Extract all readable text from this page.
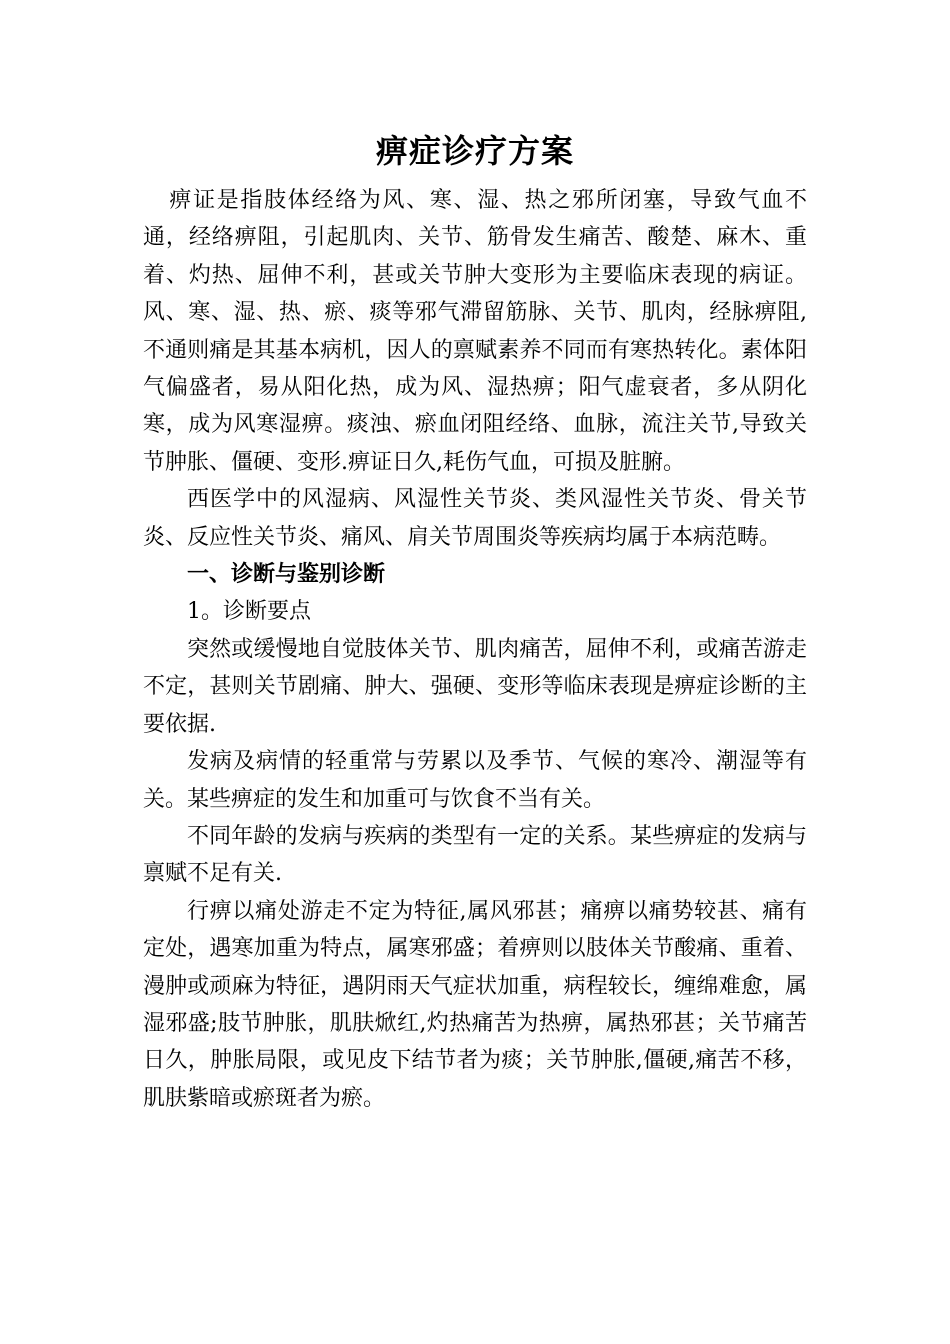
痹症诊疗方案

痹证是指肢体经络为风、寒、湿、热之邪所闭塞，导致气血不通，经络痹阻，引起肌肉、关节、筋骨发生痛苦、酸楚、麻木、重着、灼热、屈伸不利，甚或关节肿大变形为主要临床表现的病证。风、寒、湿、热、瘀、痰等邪气滞留筋脉、关节、肌肉，经脉痹阻,不通则痛是其基本病机，因人的禀赋素养不同而有寒热转化。素体阳气偏盛者，易从阳化热，成为风、湿热痹；阳气虚衰者，多从阴化寒，成为风寒湿痹。痰浊、瘀血闭阻经络、血脉，流注关节,导致关节肿胀、僵硬、变形.痹证日久,耗伤气血，可损及脏腑。

西医学中的风湿病、风湿性关节炎、类风湿性关节炎、骨关节炎、反应性关节炎、痛风、肩关节周围炎等疾病均属于本病范畴。

一、诊断与鉴别诊断

1。诊断要点

突然或缓慢地自觉肢体关节、肌肉痛苦，屈伸不利，或痛苦游走不定，甚则关节剧痛、肿大、强硬、变形等临床表现是痹症诊断的主要依据.

发病及病情的轻重常与劳累以及季节、气候的寒冷、潮湿等有关。某些痹症的发生和加重可与饮食不当有关。

不同年龄的发病与疾病的类型有一定的关系。某些痹症的发病与禀赋不足有关.

行痹以痛处游走不定为特征,属风邪甚；痛痹以痛势较甚、痛有定处，遇寒加重为特点，属寒邪盛；着痹则以肢体关节酸痛、重着、漫肿或顽麻为特征，遇阴雨天气症状加重，病程较长，缠绵难愈，属湿邪盛;肢节肿胀，肌肤焮红,灼热痛苦为热痹，属热邪甚；关节痛苦日久，肿胀局限，或见皮下结节者为痰；关节肿胀,僵硬,痛苦不移，肌肤紫暗或瘀斑者为瘀。
